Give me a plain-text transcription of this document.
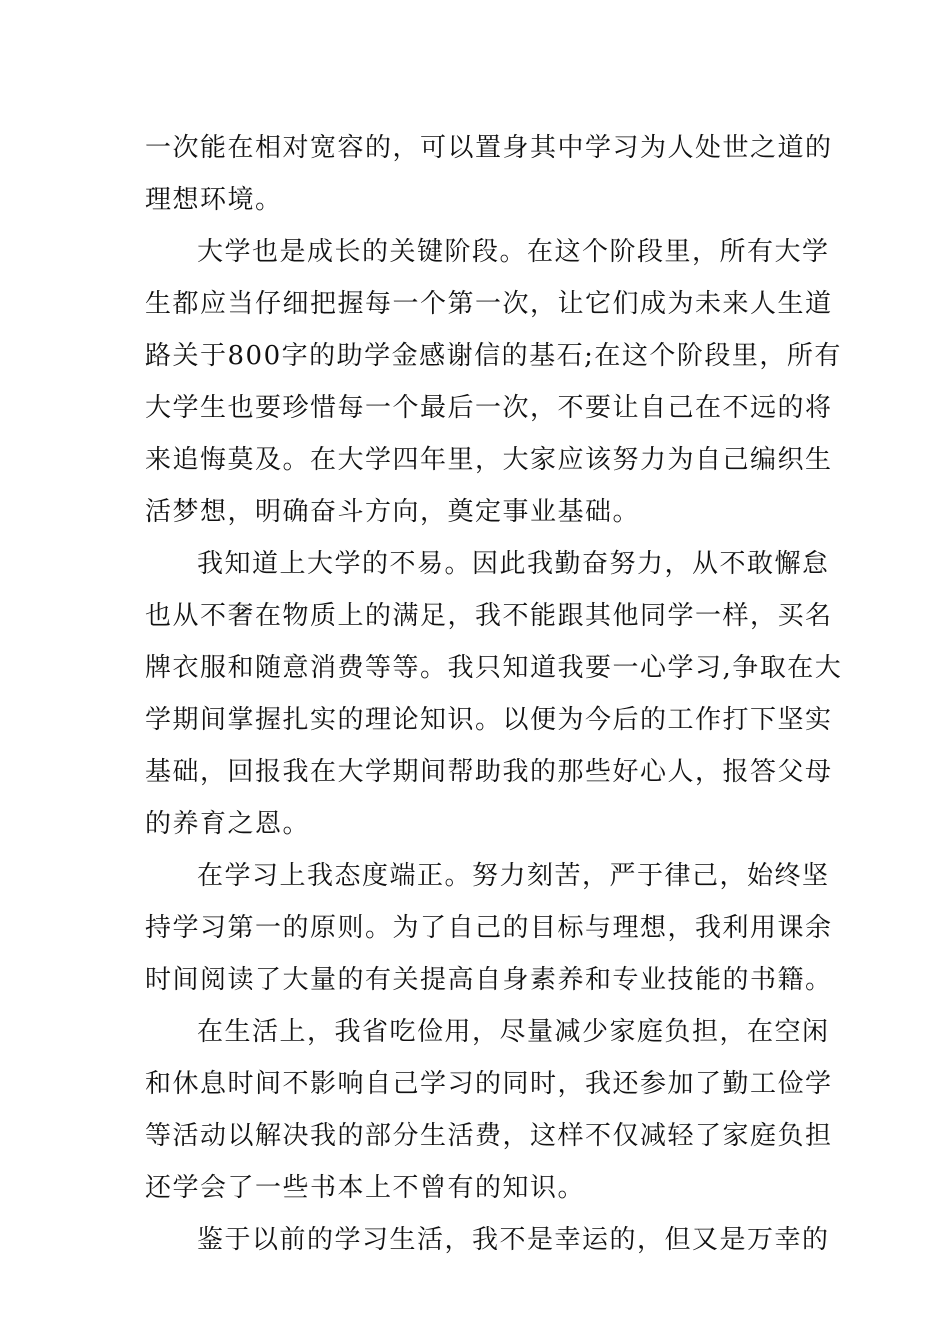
一次能在相对宽容的，可以置身其中学习为人处世之道的
理想环境。
大学也是成长的关键阶段。在这个阶段里，所有大学
生都应当仔细把握每一个第一次，让它们成为未来人生道
路关于800字的助学金感谢信的基石;在这个阶段里，所有
大学生也要珍惜每一个最后一次，不要让自己在不远的将
来追悔莫及。在大学四年里，大家应该努力为自己编织生
活梦想，明确奋斗方向，奠定事业基础。
我知道上大学的不易。因此我勤奋努力，从不敢懈怠
也从不奢在物质上的满足，我不能跟其他同学一样，买名
牌衣服和随意消费等等。我只知道我要一心学习,争取在大
学期间掌握扎实的理论知识。以便为今后的工作打下坚实
基础，回报我在大学期间帮助我的那些好心人，报答父母
的养育之恩。
在学习上我态度端正。努力刻苦，严于律己，始终坚
持学习第一的原则。为了自己的目标与理想，我利用课余
时间阅读了大量的有关提高自身素养和专业技能的书籍。
在生活上，我省吃俭用，尽量减少家庭负担，在空闲
和休息时间不影响自己学习的同时，我还参加了勤工俭学
等活动以解决我的部分生活费，这样不仅减轻了家庭负担
还学会了一些书本上不曾有的知识。
鉴于以前的学习生活，我不是幸运的，但又是万幸的
